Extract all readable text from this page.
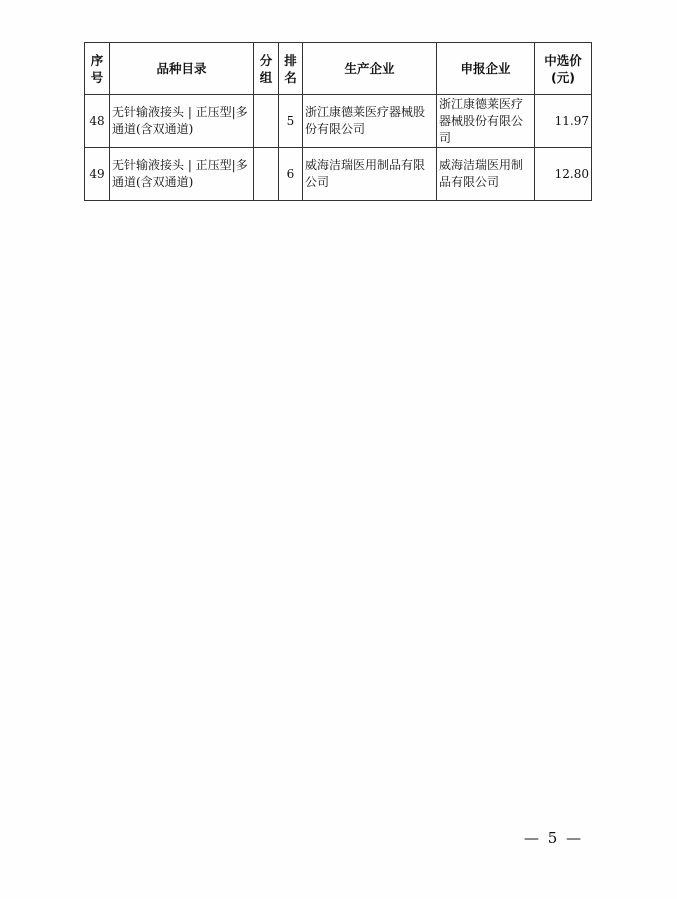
序号	品种目录	分组	排名	生产企业	申报企业	中选价(元)
48	无针输液接头 | 正压型|多通道(含双通道)		5	浙江康德莱医疗器械股份有限公司	浙江康德莱医疗器械股份有限公司	11.97
49	无针输液接头 | 正压型|多通道(含双通道)		6	威海洁瑞医用制品有限公司	威海洁瑞医用制品有限公司	12.80
— 5 —
